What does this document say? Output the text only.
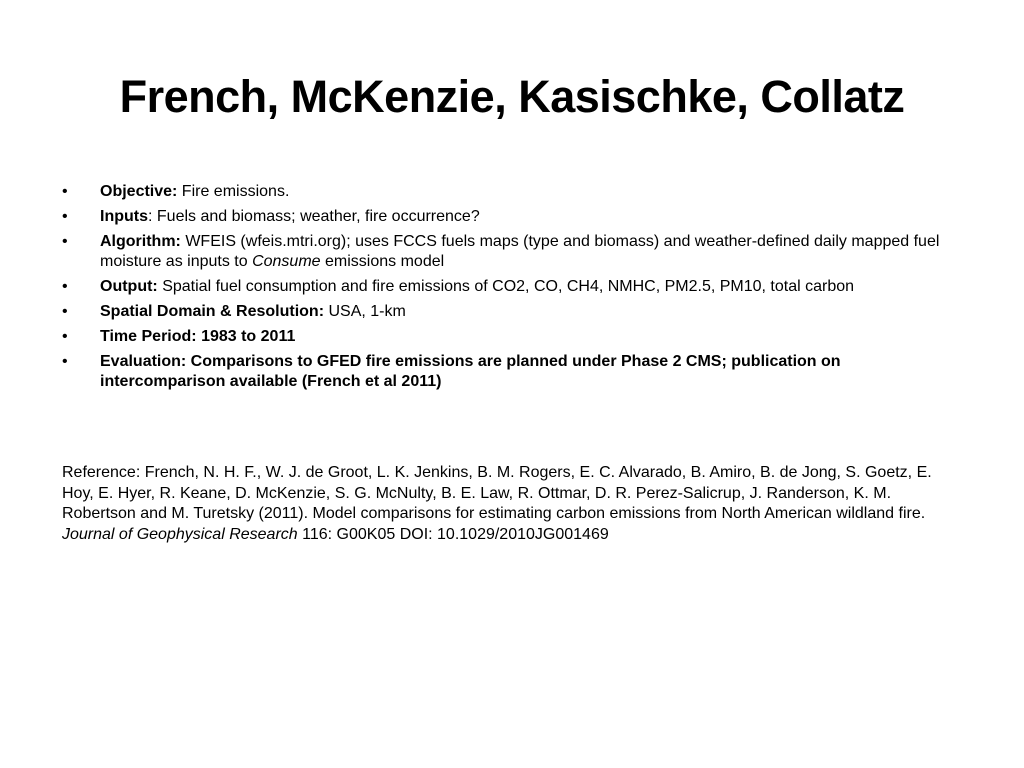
French, McKenzie, Kasischke, Collatz
•	Objective: Fire emissions.
•	Inputs: Fuels and biomass; weather, fire occurrence?
•	Algorithm: WFEIS (wfeis.mtri.org); uses FCCS fuels maps (type and biomass) and weather-defined daily mapped fuel moisture as inputs to Consume emissions model
•	Output: Spatial fuel consumption and fire emissions of CO2, CO, CH4, NMHC, PM2.5, PM10, total carbon
•	Spatial Domain & Resolution: USA, 1-km
•	Time Period: 1983 to 2011
•	Evaluation: Comparisons to GFED fire emissions are planned under Phase 2 CMS; publication on intercomparison available (French et al 2011)

Reference: French, N. H. F., W. J. de Groot, L. K. Jenkins, B. M. Rogers, E. C. Alvarado, B. Amiro, B. de Jong, S. Goetz, E. Hoy, E. Hyer, R. Keane, D. McKenzie, S. G. McNulty, B. E. Law, R. Ottmar, D. R. Perez-Salicrup, J. Randerson, K. M. Robertson and M. Turetsky (2011). Model comparisons for estimating carbon emissions from North American wildland fire. Journal of Geophysical Research 116: G00K05 DOI: 10.1029/2010JG001469
